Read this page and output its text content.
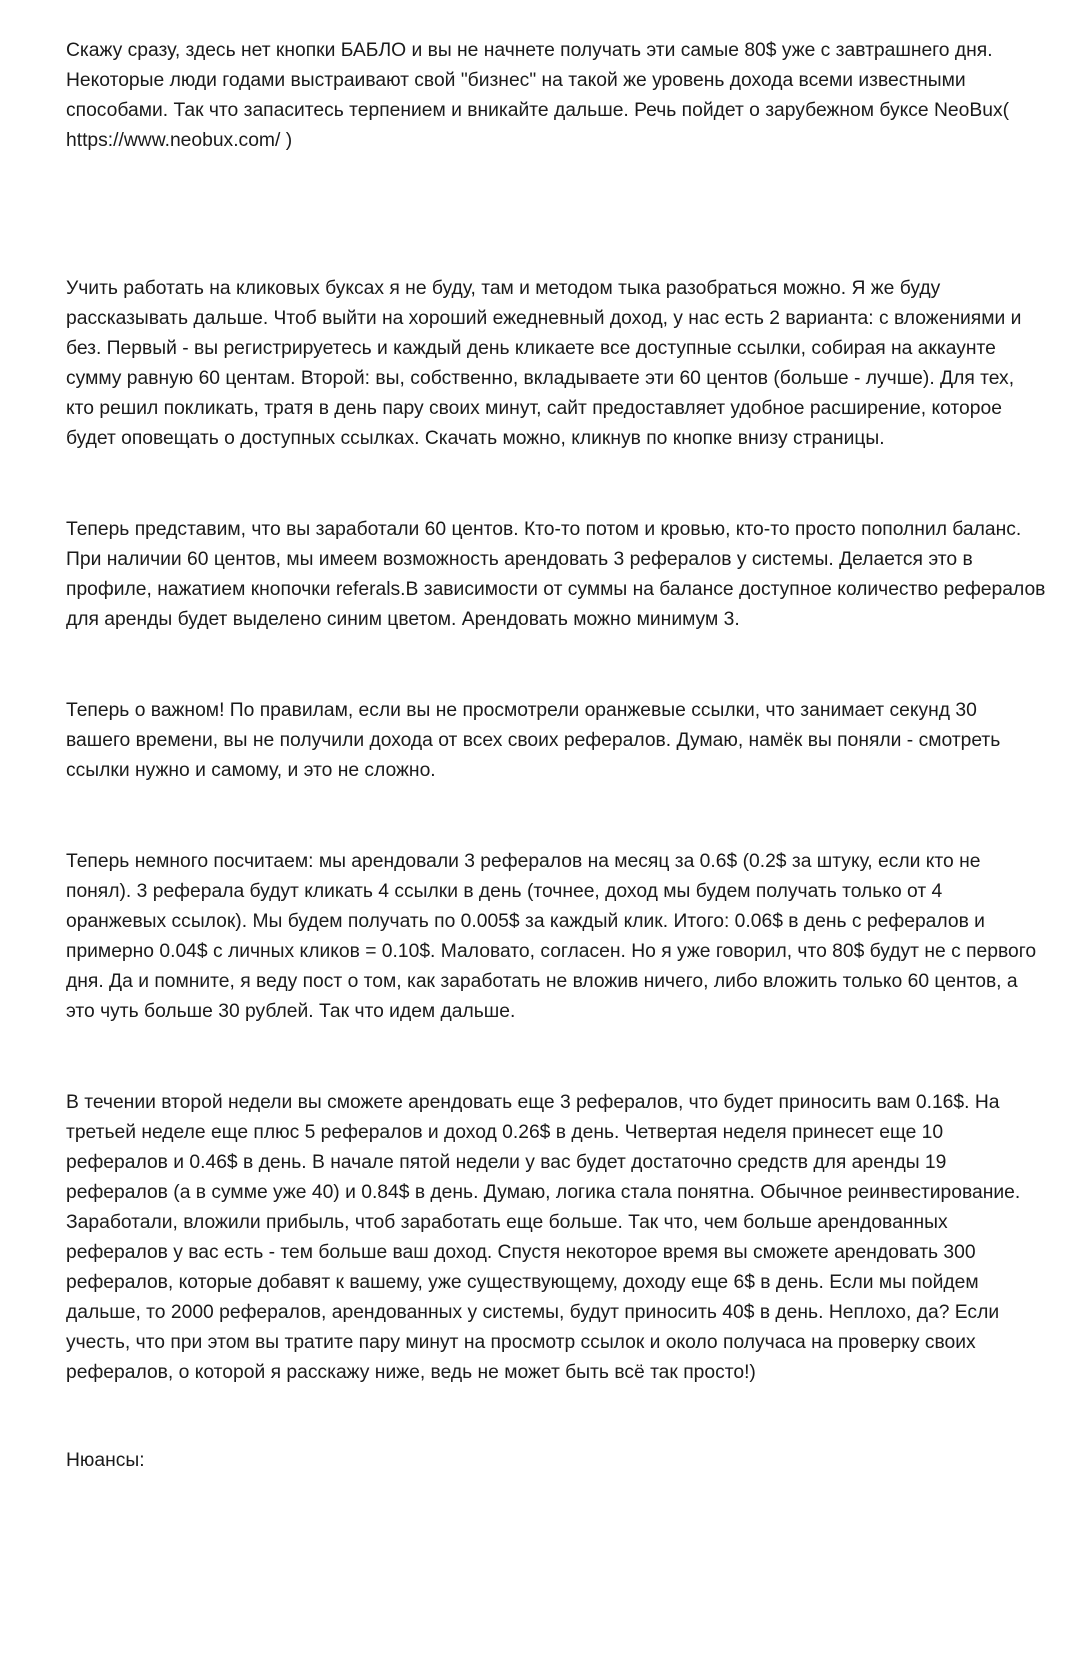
Скажу сразу, здесь нет кнопки БАБЛО и вы не начнете получать эти самые 80$ уже с завтрашнего дня. Некоторые люди годами выстраивают свой "бизнес" на такой же уровень дохода всеми известными способами. Так что запаситесь терпением и вникайте дальше. Речь пойдет о зарубежном буксе NeoBux( https://www.neobux.com/ )

Учить работать на кликовых буксах я не буду, там и методом тыка разобраться можно. Я же буду рассказывать дальше. Чтоб выйти на хороший ежедневный доход, у нас есть 2 варианта: с вложениями и без. Первый - вы регистрируетесь и каждый день кликаете все доступные ссылки, собирая на аккаунте сумму равную 60 центам. Второй: вы, собственно, вкладываете эти 60 центов (больше - лучше). Для тех, кто решил покликать, тратя в день пару своих минут, сайт предоставляет удобное расширение, которое будет оповещать о доступных ссылках. Скачать можно, кликнув по кнопке внизу страницы.

Теперь представим, что вы заработали 60 центов. Кто-то потом и кровью, кто-то просто пополнил баланс. При наличии 60 центов, мы имеем возможность арендовать 3 рефералов у системы. Делается это в профиле, нажатием кнопочки referals.В зависимости от суммы на балансе доступное количество рефералов для аренды будет выделено синим цветом. Арендовать можно минимум 3.

Теперь о важном! По правилам, если вы не просмотрели оранжевые ссылки, что занимает секунд 30 вашего времени, вы не получили дохода от всех своих рефералов. Думаю, намёк вы поняли - смотреть ссылки нужно и самому, и это не сложно.

Теперь немного посчитаем: мы арендовали 3 рефералов на месяц за 0.6$ (0.2$ за штуку, если кто не понял). 3 реферала будут кликать 4 ссылки в день (точнее, доход мы будем получать только от 4 оранжевых ссылок). Мы будем получать по 0.005$ за каждый клик. Итого: 0.06$ в день с рефералов и примерно 0.04$ с личных кликов = 0.10$. Маловато, согласен. Но я уже говорил, что 80$ будут не с первого дня. Да и помните, я веду пост о том, как заработать не вложив ничего, либо вложить только 60 центов, а это чуть больше 30 рублей. Так что идем дальше.

В течении второй недели вы сможете арендовать еще 3 рефералов, что будет приносить вам 0.16$. На третьей неделе еще плюс 5 рефералов и доход 0.26$ в день. Четвертая неделя принесет еще 10 рефералов и 0.46$ в день. В начале пятой недели у вас будет достаточно средств для аренды 19 рефералов (а в сумме уже 40) и 0.84$ в день. Думаю, логика стала понятна. Обычное реинвестирование. Заработали, вложили прибыль, чтоб заработать еще больше. Так что, чем больше арендованных рефералов у вас есть - тем больше ваш доход. Спустя некоторое время вы сможете арендовать 300 рефералов, которые добавят к вашему, уже существующему, доходу еще 6$ в день. Если мы пойдем дальше, то 2000 рефералов, арендованных у системы, будут приносить 40$ в день. Неплохо, да? Если учесть, что при этом вы тратите пару минут на просмотр ссылок и около получаса на проверку своих рефералов, о которой я расскажу ниже, ведь не может быть всё так просто!)

Нюансы:
